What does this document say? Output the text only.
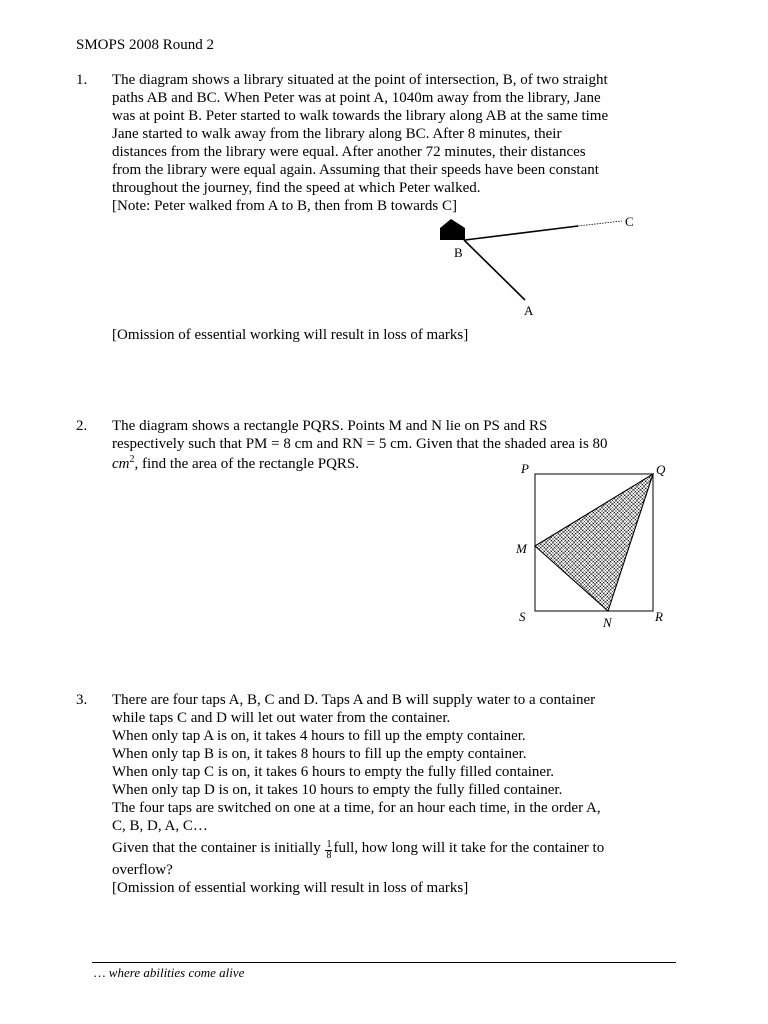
SMOPS 2008 Round 2
1. The diagram shows a library situated at the point of intersection, B, of two straight
paths AB and BC. When Peter was at point A, 1040m away from the library, Jane
was at point B. Peter started to walk towards the library along AB at the same time
Jane started to walk away from the library along BC. After 8 minutes, their
distances from the library were equal. After another 72 minutes, their distances
from the library were equal again. Assuming that their speeds have been constant
throughout the journey, find the speed at which Peter walked.
[Note: Peter walked from A to B, then from B towards C]
B
C
A
[Omission of essential working will result in loss of marks]
2. The diagram shows a rectangle PQRS. Points M and N lie on PS and RS
respectively such that PM = 8 cm and RN = 5 cm. Given that the shaded area is 80
$cm^2$, find the area of the rectangle PQRS.	P	Q
M
S	N	R
3. There are four taps A, B, C and D. Taps A and B will supply water to a container
while taps C and D will let out water from the container.
When only tap A is on, it takes 4 hours to fill up the empty container.
When only tap B is on, it takes 8 hours to fill up the empty container.
When only tap C is on, it takes 6 hours to empty the fully filled container.
When only tap D is on, it takes 10 hours to empty the fully filled container.
The four taps are switched on one at a time, for an hour each time, in the order A,
C, B, D, A, C…
Given that the container is initially $\frac{1}{8}$ full, how long will it take for the container to
overflow?
[Omission of essential working will result in loss of marks]
… where abilities come alive
